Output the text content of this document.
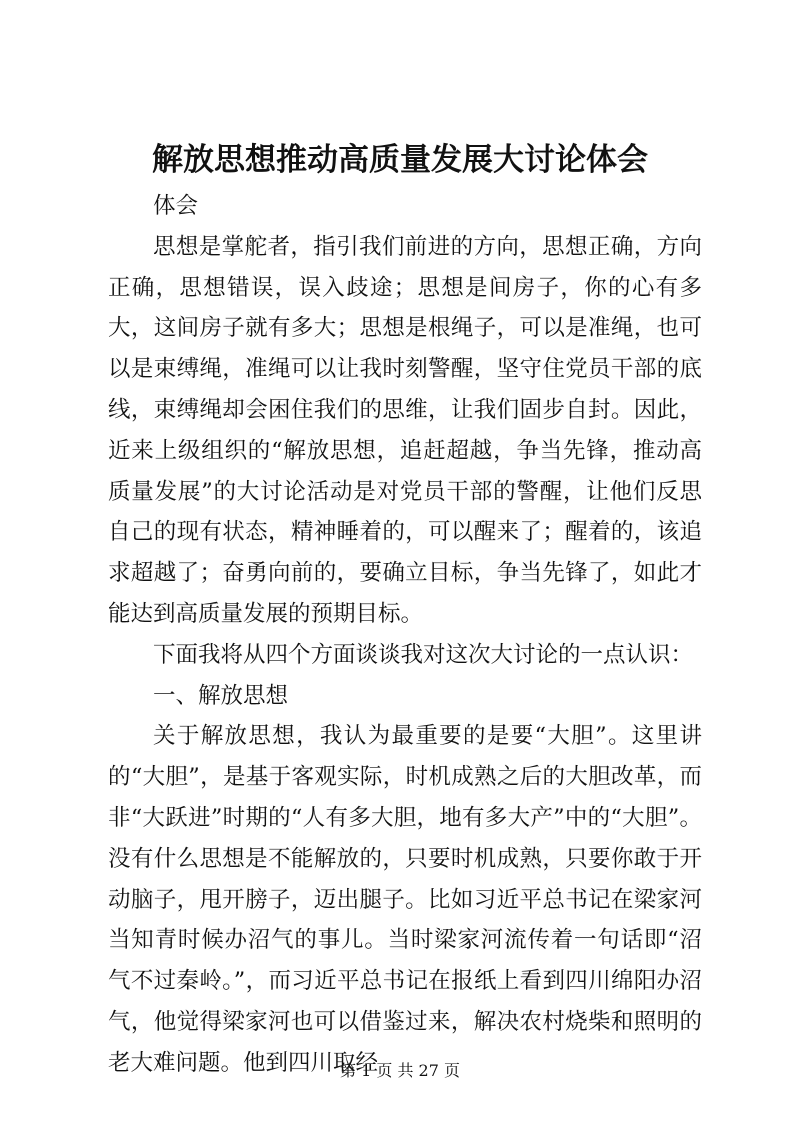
解放思想推动高质量发展大讨论体会

体会

思想是掌舵者，指引我们前进的方向，思想正确，方向正确，思想错误，误入歧途；思想是间房子，你的心有多大，这间房子就有多大；思想是根绳子，可以是准绳，也可以是束缚绳，准绳可以让我时刻警醒，坚守住党员干部的底线，束缚绳却会困住我们的思维，让我们固步自封。因此，近来上级组织的“解放思想，追赶超越，争当先锋，推动高质量发展”的大讨论活动是对党员干部的警醒，让他们反思自己的现有状态，精神睡着的，可以醒来了；醒着的，该追求超越了；奋勇向前的，要确立目标，争当先锋了，如此才能达到高质量发展的预期目标。

下面我将从四个方面谈谈我对这次大讨论的一点认识：

一、解放思想

关于解放思想，我认为最重要的是要“大胆”。这里讲的“大胆”，是基于客观实际，时机成熟之后的大胆改革，而非“大跃进”时期的“人有多大胆，地有多大产”中的“大胆”。没有什么思想是不能解放的，只要时机成熟，只要你敢于开动脑子，甩开膀子，迈出腿子。比如习近平总书记在梁家河当知青时候办沼气的事儿。当时梁家河流传着一句话即“沼气不过秦岭。”，而习近平总书记在报纸上看到四川绵阳办沼气，他觉得梁家河也可以借鉴过来，解决农村烧柴和照明的老大难问题。他到四川取经

第 1 页 共 27 页
